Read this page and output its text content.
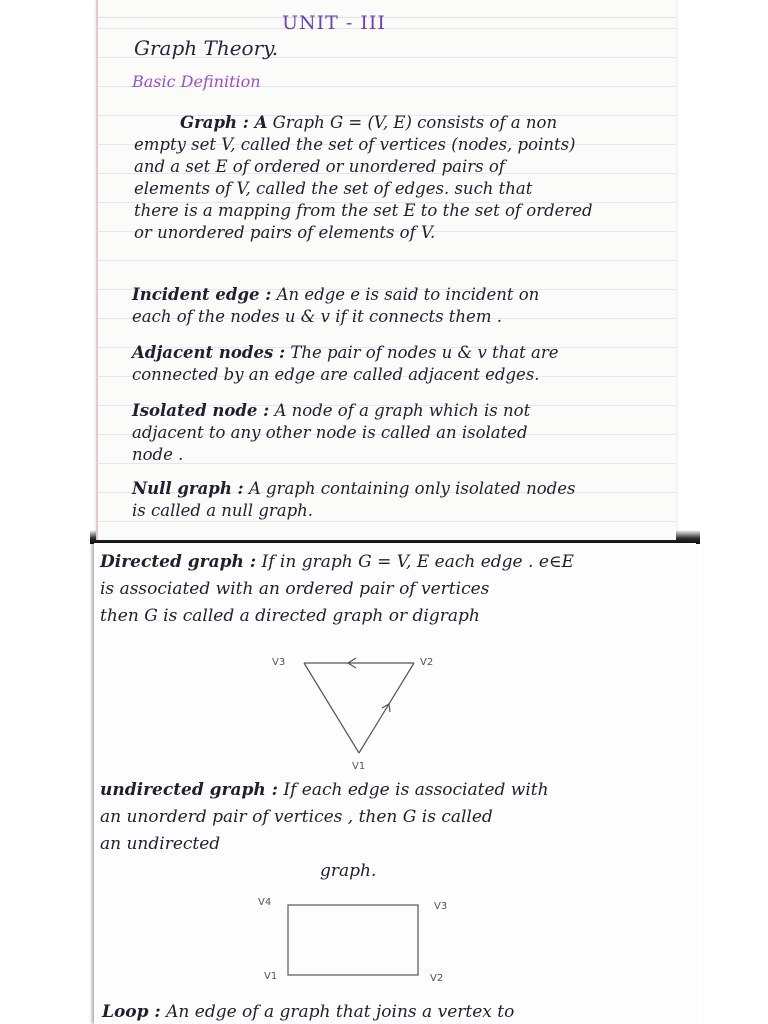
UNIT - III
Graph Theory.
Basic Definition

Graph : A Graph G = (V, E) consists of a non
empty set V, called the set of vertices (nodes, points)
and a set E of ordered or unordered pairs of
elements of V, called the set of edges. such that
there is a mapping from the set E to the set of ordered
or unordered pairs of elements of V.

Incident edge : An edge e is said to incident on
each of the nodes u & v if it connects them .

Adjacent nodes : The pair of nodes u & v that are
connected by an edge are called adjacent edges.

Isolated node : A node of a graph which is not
adjacent to any other node is called an isolated
node .

Null graph : A graph containing only isolated nodes
is called a null graph.

Directed graph : If in graph G = V, E each edge . e∈E
is associated with an ordered pair of vertices
then G is called a directed graph or digraph

V3	V2
V1

undirected graph : If each edge is associated with
an unorderd pair of vertices , then G is called
an undirected
graph.

V4	V3
V1	V2

Loop : An edge of a graph that joins a vertex to
